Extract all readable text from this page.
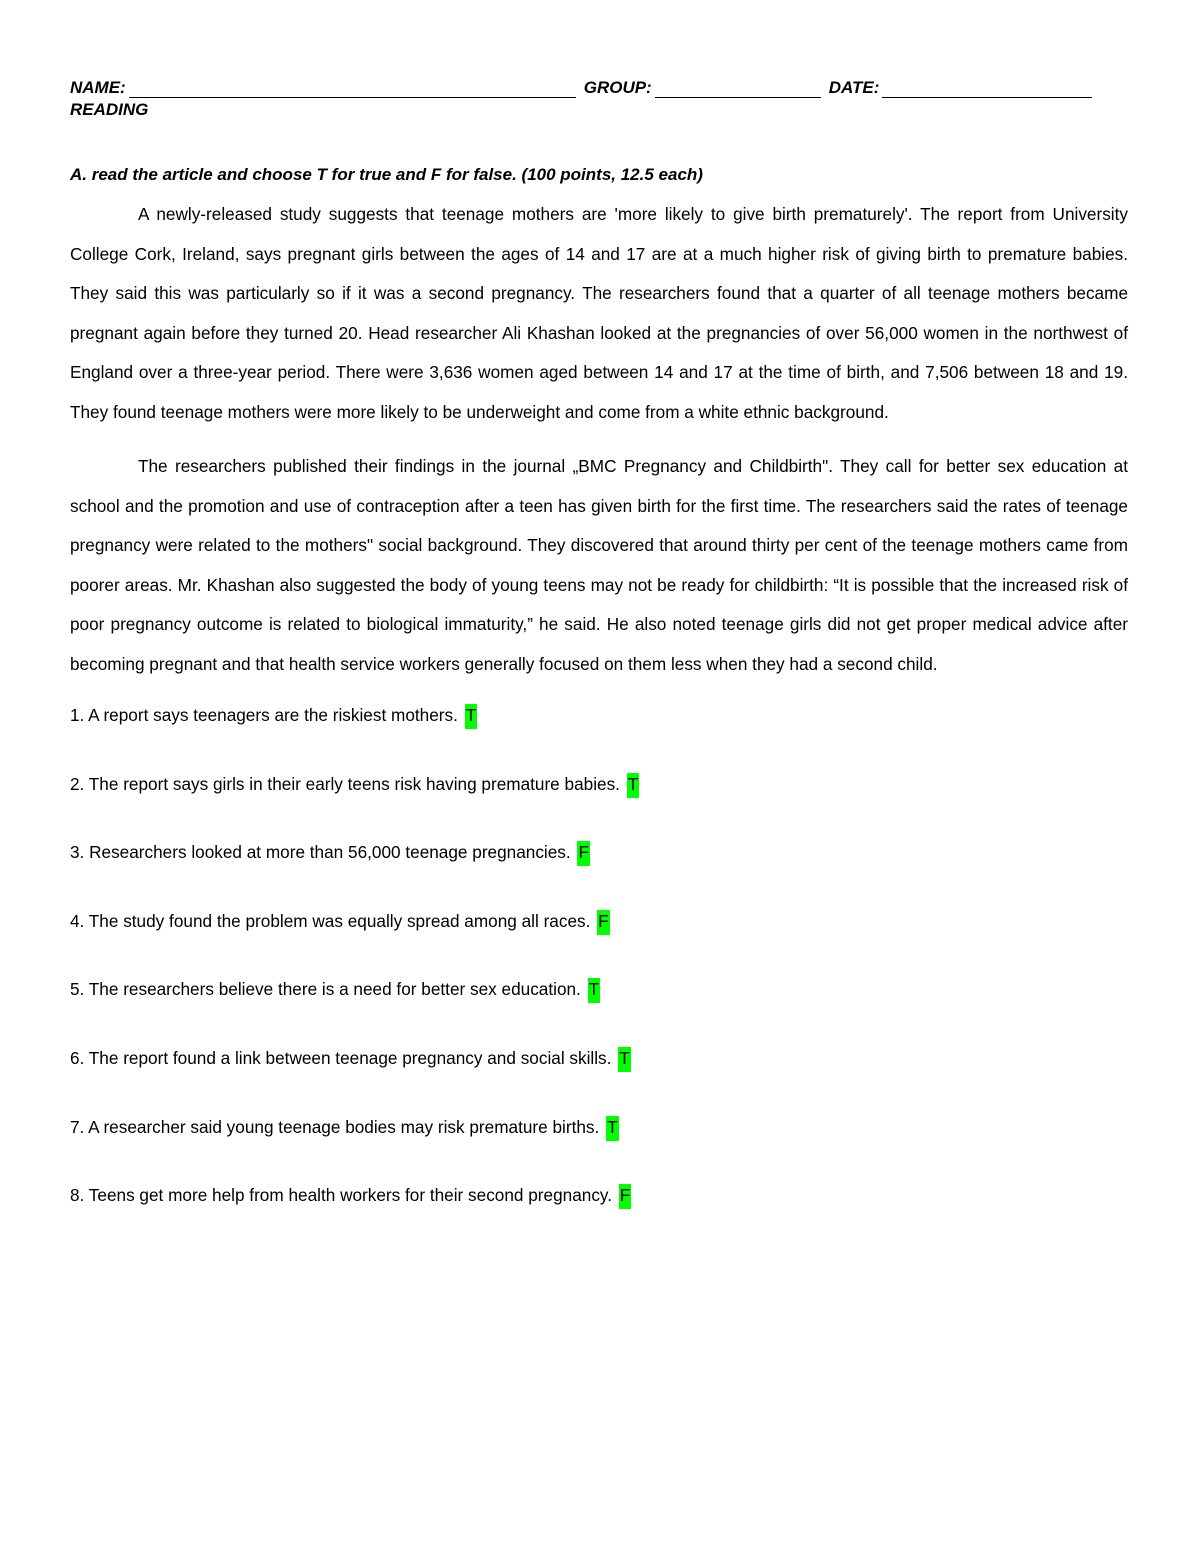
NAME:	GROUP:	DATE:
READING
A. read the article and choose T for true and F for false. (100 points, 12.5 each)

A newly-released study suggests that teenage mothers are 'more likely to give birth prematurely'. The report from University College Cork, Ireland, says pregnant girls between the ages of 14 and 17 are at a much higher risk of giving birth to premature babies. They said this was particularly so if it was a second pregnancy. The researchers found that a quarter of all teenage mothers became pregnant again before they turned 20. Head researcher Ali Khashan looked at the pregnancies of over 56,000 women in the northwest of England over a three-year period. There were 3,636 women aged between 14 and 17 at the time of birth, and 7,506 between 18 and 19. They found teenage mothers were more likely to be underweight and come from a white ethnic background.

The researchers published their findings in the journal „BMC Pregnancy and Childbirth". They call for better sex education at school and the promotion and use of contraception after a teen has given birth for the first time. The researchers said the rates of teenage pregnancy were related to the mothers" social background. They discovered that around thirty per cent of the teenage mothers came from poorer areas. Mr. Khashan also suggested the body of young teens may not be ready for childbirth: “It is possible that the increased risk of poor pregnancy outcome is related to biological immaturity,” he said. He also noted teenage girls did not get proper medical advice after becoming pregnant and that health service workers generally focused on them less when they had a second child.

1. A report says teenagers are the riskiest mothers. T
2. The report says girls in their early teens risk having premature babies. T
3. Researchers looked at more than 56,000 teenage pregnancies. F
4. The study found the problem was equally spread among all races. F
5. The researchers believe there is a need for better sex education. T
6. The report found a link between teenage pregnancy and social skills. T
7. A researcher said young teenage bodies may risk premature births. T
8. Teens get more help from health workers for their second pregnancy. F
